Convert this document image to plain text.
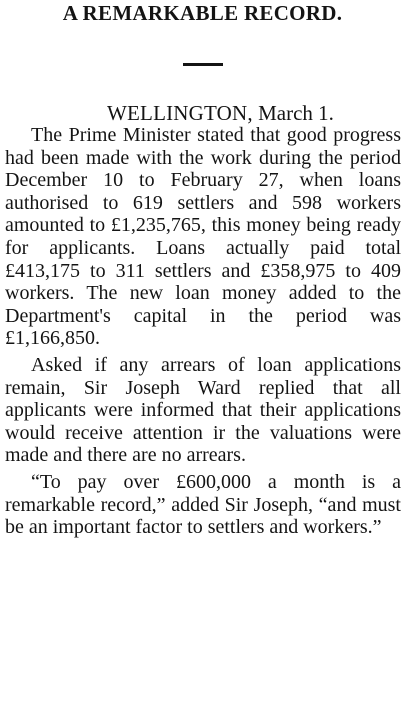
A REMARKABLE RECORD.
WELLINGTON, March 1.

The Prime Minister stated that good progress had been made with the work during the period December 10 to February 27, when loans authorised to 619 settlers and 598 workers amounted to £1,235,765, this money being ready for applicants. Loans actually paid total £413,175 to 311 settlers and £358,975 to 409 workers. The new loan money added to the Department's capital in the period was £1,166,850.

Asked if any arrears of loan applications remain, Sir Joseph Ward replied that all applicants were informed that their applications would receive attention ir the valuations were made and there are no arrears.

“To pay over £600,000 a month is a remarkable record,” added Sir Joseph, “and must be an important factor to settlers and workers.”
